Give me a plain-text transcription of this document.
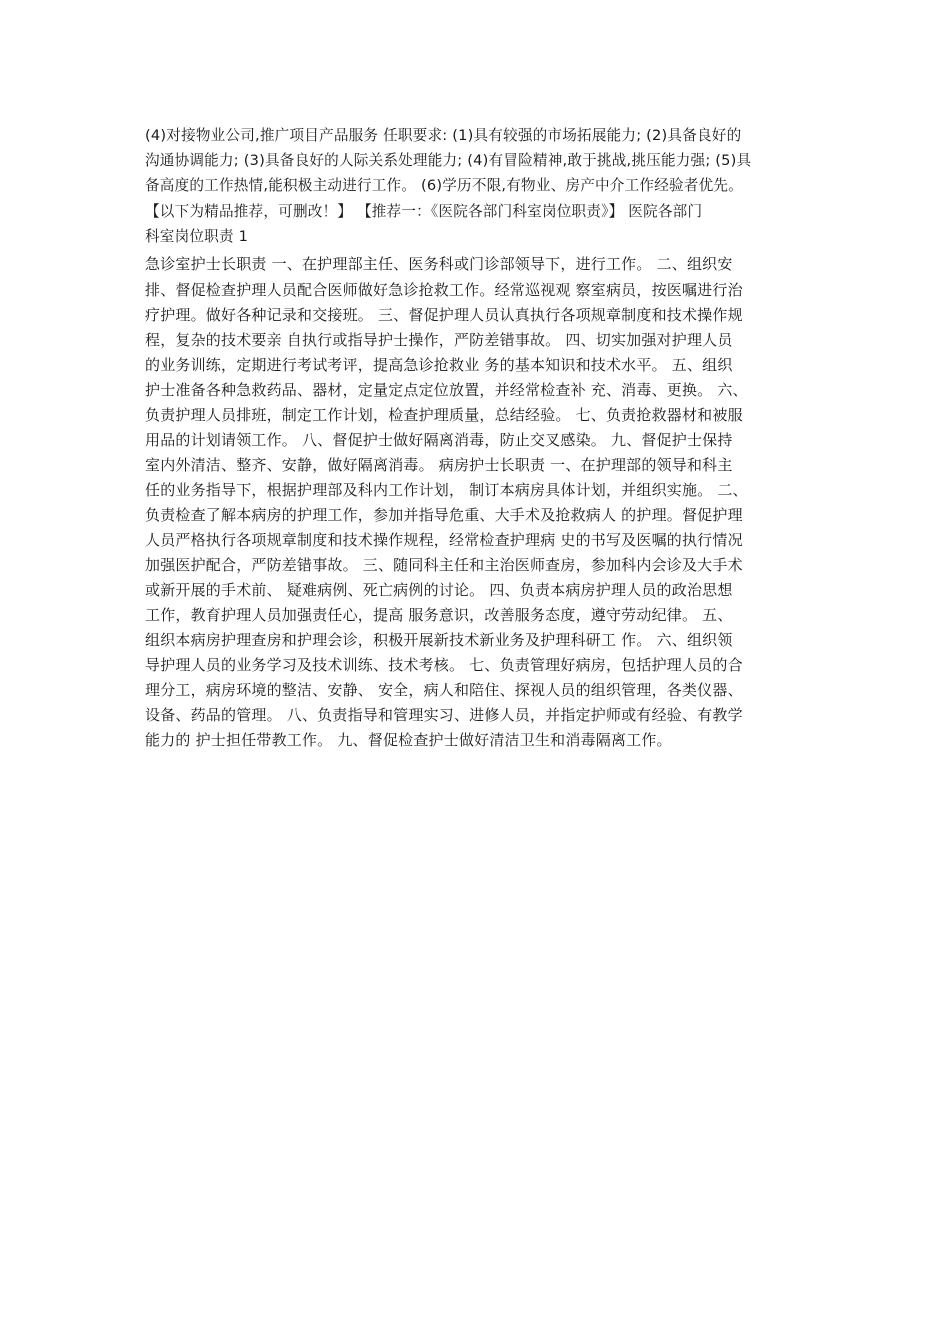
(4)对接物业公司,推广项目产品服务 任职要求: (1)具有较强的市场拓展能力; (2)具备良好的
沟通协调能力; (3)具备良好的人际关系处理能力; (4)有冒险精神,敢于挑战,挑压能力强; (5)具
备高度的工作热情,能积极主动进行工作。 (6)学历不限,有物业、房产中介工作经验者优先。
【以下为精品推荐，可删改！】 【推荐一：《医院各部门科室岗位职责》】 医院各部门
科室岗位职责 1
急诊室护士长职责 一、在护理部主任、医务科或门诊部领导下，进行工作。 二、组织安
排、督促检查护理人员配合医师做好急诊抢救工作。经常巡视观 察室病员，按医嘱进行治
疗护理。做好各种记录和交接班。 三、督促护理人员认真执行各项规章制度和技术操作规
程，复杂的技术要亲 自执行或指导护士操作，严防差错事故。 四、切实加强对护理人员
的业务训练，定期进行考试考评，提高急诊抢救业 务的基本知识和技术水平。 五、组织
护士准备各种急救药品、器材，定量定点定位放置，并经常检查补 充、消毒、更换。 六、
负责护理人员排班，制定工作计划，检查护理质量，总结经验。 七、负责抢救器材和被服
用品的计划请领工作。 八、督促护士做好隔离消毒，防止交叉感染。 九、督促护士保持
室内外清洁、整齐、安静，做好隔离消毒。 病房护士长职责 一、在护理部的领导和科主
任的业务指导下，根据护理部及科内工作计划， 制订本病房具体计划，并组织实施。 二、
负责检查了解本病房的护理工作，参加并指导危重、大手术及抢救病人 的护理。督促护理
人员严格执行各项规章制度和技术操作规程，经常检查护理病 史的书写及医嘱的执行情况
加强医护配合，严防差错事故。 三、随同科主任和主治医师查房，参加科内会诊及大手术
或新开展的手术前、 疑难病例、死亡病例的讨论。 四、负责本病房护理人员的政治思想
工作，教育护理人员加强责任心，提高 服务意识，改善服务态度，遵守劳动纪律。 五、
组织本病房护理查房和护理会诊，积极开展新技术新业务及护理科研工 作。 六、组织领
导护理人员的业务学习及技术训练、技术考核。 七、负责管理好病房，包括护理人员的合
理分工，病房环境的整洁、安静、 安全，病人和陪住、探视人员的组织管理，各类仪器、
设备、药品的管理。 八、负责指导和管理实习、进修人员，并指定护师或有经验、有教学
能力的 护士担任带教工作。 九、督促检查护士做好清洁卫生和消毒隔离工作。
